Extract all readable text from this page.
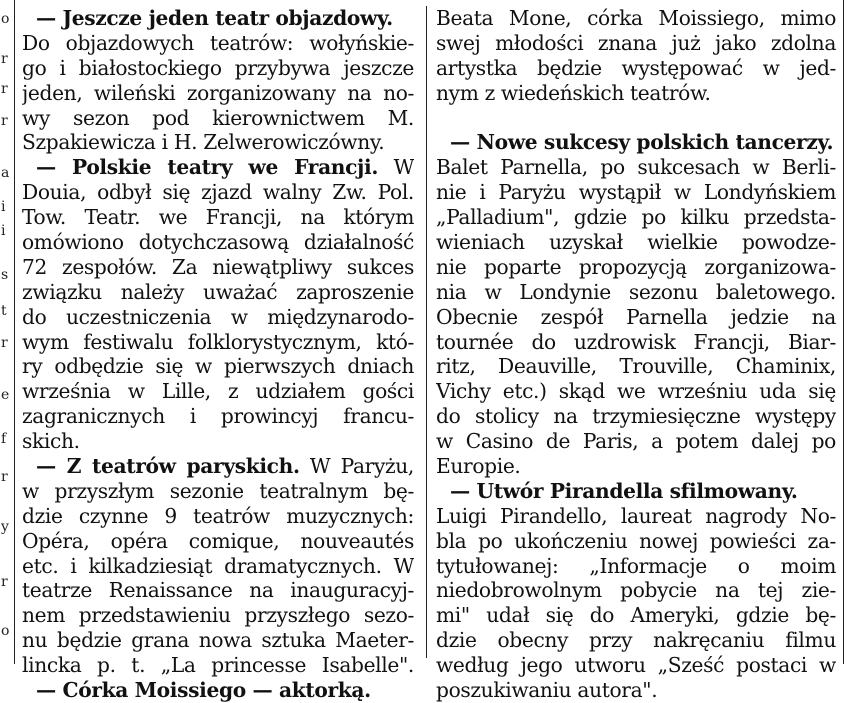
o
r
r
r
a
i
i
s
t
r
e
f
r
y
r
o
— Jeszcze jeden teatr objazdowy.
Do objazdowych teatrów: wołyńskie-
go i białostockiego przybywa jeszcze
jeden, wileński zorganizowany na no-
wy sezon pod kierownictwem M.
Szpakiewicza i H. Zelwerowiczówny.
— Polskie teatry we Francji. W
Douia, odbył się zjazd walny Zw. Pol.
Tow. Teatr. we Francji, na którym
omówiono dotychczasową działalność
72 zespołów. Za niewątpliwy sukces
związku należy uważać zaproszenie
do uczestniczenia w międzynarodo-
wym festiwalu folklorystycznym, któ-
ry odbędzie się w pierwszych dniach
września w Lille, z udziałem gości
zagranicznych i prowincyj francu-
skich.
— Z teatrów paryskich. W Paryżu,
w przyszłym sezonie teatralnym bę-
dzie czynne 9 teatrów muzycznych:
Opéra, opéra comique, nouveautés
etc. i kilkadziesiąt dramatycznych. W
teatrze Renaissance na inauguracyj-
nem przedstawieniu przyszłego sezo-
nu będzie grana nowa sztuka Maeter-
lincka p. t. „La princesse Isabelle".
— Córka Moissiego — aktorką.
Beata Mone, córka Moissiego, mimo
swej młodości znana już jako zdolna
artystka będzie występować w jed-
nym z wiedeńskich teatrów.
— Nowe sukcesy polskich tancerzy.
Balet Parnella, po sukcesach w Berli-
nie i Paryżu wystąpił w Londyńskiem
„Palladium", gdzie po kilku przedsta-
wieniach uzyskał wielkie powodze-
nie poparte propozycją zorganizowa-
nia w Londynie sezonu baletowego.
Obecnie zespół Parnella jedzie na
tournée do uzdrowisk Francji, Biar-
ritz, Deauville, Trouville, Chaminix,
Vichy etc.) skąd we wrześniu uda się
do stolicy na trzymiesięczne występy
w Casino de Paris, a potem dalej po
Europie.
— Utwór Pirandella sfilmowany.
Luigi Pirandello, laureat nagrody No-
bla po ukończeniu nowej powieści za-
tytułowanej: „Informacje o moim
niedobrowolnym pobycie na tej zie-
mi" udał się do Ameryki, gdzie bę-
dzie obecny przy nakręcaniu filmu
według jego utworu „Sześć postaci w
poszukiwaniu autora".
